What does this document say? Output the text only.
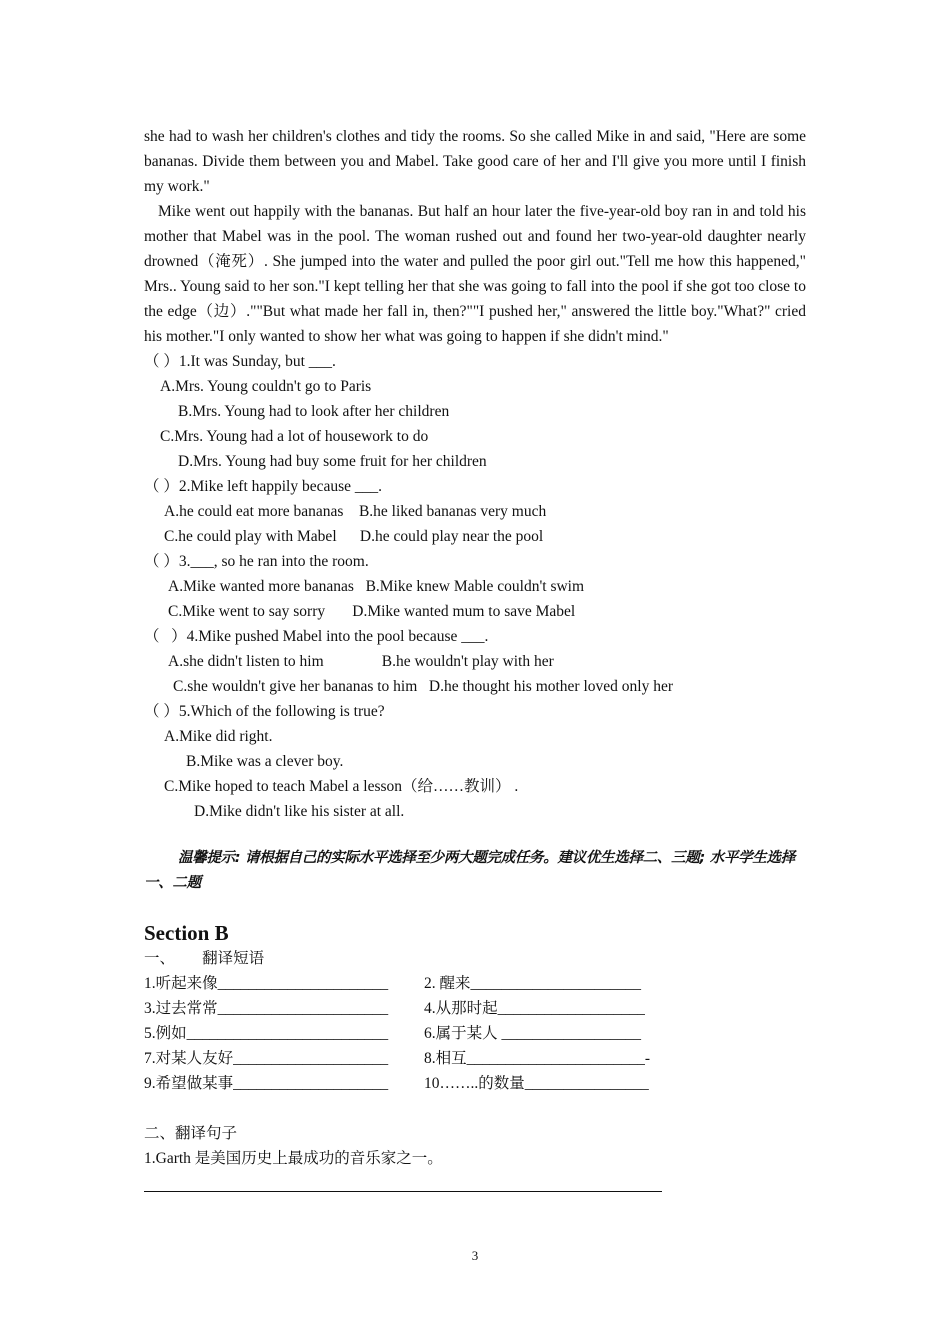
she had to wash her children's clothes and tidy the rooms. So she called Mike in and said, "Here are some bananas. Divide them between you and Mabel. Take good care of her and I'll give you more until I finish my work."

Mike went out happily with the bananas. But half an hour later the five-year-old boy ran in and told his mother that Mabel was in the pool. The woman rushed out and found her two-year-old daughter nearly drowned（淹死）. She jumped into the water and pulled the poor girl out."Tell me how this happened," Mrs.. Young said to her son."I kept telling her that she was going to fall into the pool if she got too close to the edge（边）.""But what made her fall in, then?""I pushed her," answered the little boy."What?" cried his mother."I only wanted to show her what was going to happen if she didn't mind."

（ ）1.It was Sunday, but ___.

A.Mrs. Young couldn't go to Paris

B.Mrs. Young had to look after her children

C.Mrs. Young had a lot of housework to do

D.Mrs. Young had buy some fruit for her children

（ ）2.Mike left happily because ___.

A.he could eat more bananas    B.he liked bananas very much

C.he could play with Mabel      D.he could play near the pool

（ ）3.___, so he ran into the room.

A.Mike wanted more bananas   B.Mike knew Mable couldn't swim

C.Mike went to say sorry       D.Mike wanted mum to save Mabel

（   ）4.Mike pushed Mabel into the pool because ___.

A.she didn't listen to him               B.he wouldn't play with her

C.she wouldn't give her bananas to him   D.he thought his mother loved only her

（ ）5.Which of the following is true?

A.Mike did right.

B.Mike was a clever boy.

C.Mike hoped to teach Mabel a lesson（给……教训） .

D.Mike didn't like his sister at all.

温馨提示: 请根据自己的实际水平选择至少两大题完成任务。建议优生选择二、三题; 水平学生选择 一、二题

Section B

一、       翻译短语

1.听起来像______________________	2. 醒来______________________
3.过去常常______________________	4.从那时起___________________
5.例如__________________________	6.属于某人 __________________
7.对某人友好____________________	8.相互_______________________-
9.希望做某事____________________	10……..的数量________________

二、翻译句子

1.Garth 是美国历史上最成功的音乐家之一。

3
